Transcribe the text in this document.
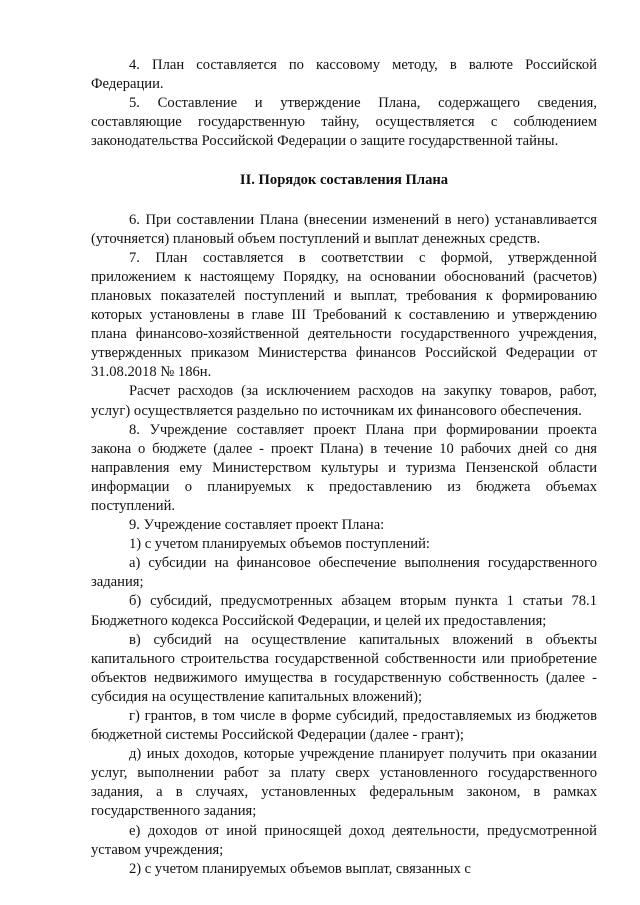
4. План составляется по кассовому методу, в валюте Российской Федерации.

5. Составление и утверждение Плана, содержащего сведения, составляющие государственную тайну, осуществляется с соблюдением законодательства Российской Федерации о защите государственной тайны.

II. Порядок составления Плана

6. При составлении Плана (внесении изменений в него) устанавливается (уточняется) плановый объем поступлений и выплат денежных средств.

7. План составляется в соответствии с формой, утвержденной приложением к настоящему Порядку, на основании обоснований (расчетов) плановых показателей поступлений и выплат, требования к формированию которых установлены в главе III Требований к составлению и утверждению плана финансово-хозяйственной деятельности государственного учреждения, утвержденных приказом Министерства финансов Российской Федерации от 31.08.2018 № 186н.

Расчет расходов (за исключением расходов на закупку товаров, работ, услуг) осуществляется раздельно по источникам их финансового обеспечения.

8. Учреждение составляет проект Плана при формировании проекта закона о бюджете (далее - проект Плана) в течение 10 рабочих дней со дня направления ему Министерством культуры и туризма Пензенской области информации о планируемых к предоставлению из бюджета объемах поступлений.

9. Учреждение составляет проект Плана:

1) с учетом планируемых объемов поступлений:

а) субсидии на финансовое обеспечение выполнения государственного задания;

б) субсидий, предусмотренных абзацем вторым пункта 1 статьи 78.1 Бюджетного кодекса Российской Федерации, и целей их предоставления;

в) субсидий на осуществление капитальных вложений в объекты капитального строительства государственной собственности или приобретение объектов недвижимого имущества в государственную собственность (далее - субсидия на осуществление капитальных вложений);

г) грантов, в том числе в форме субсидий, предоставляемых из бюджетов бюджетной системы Российской Федерации (далее - грант);

д) иных доходов, которые учреждение планирует получить при оказании услуг, выполнении работ за плату сверх установленного государственного задания, а в случаях, установленных федеральным законом, в рамках государственного задания;

е) доходов от иной приносящей доход деятельности, предусмотренной уставом учреждения;

2) с учетом планируемых объемов выплат, связанных с
